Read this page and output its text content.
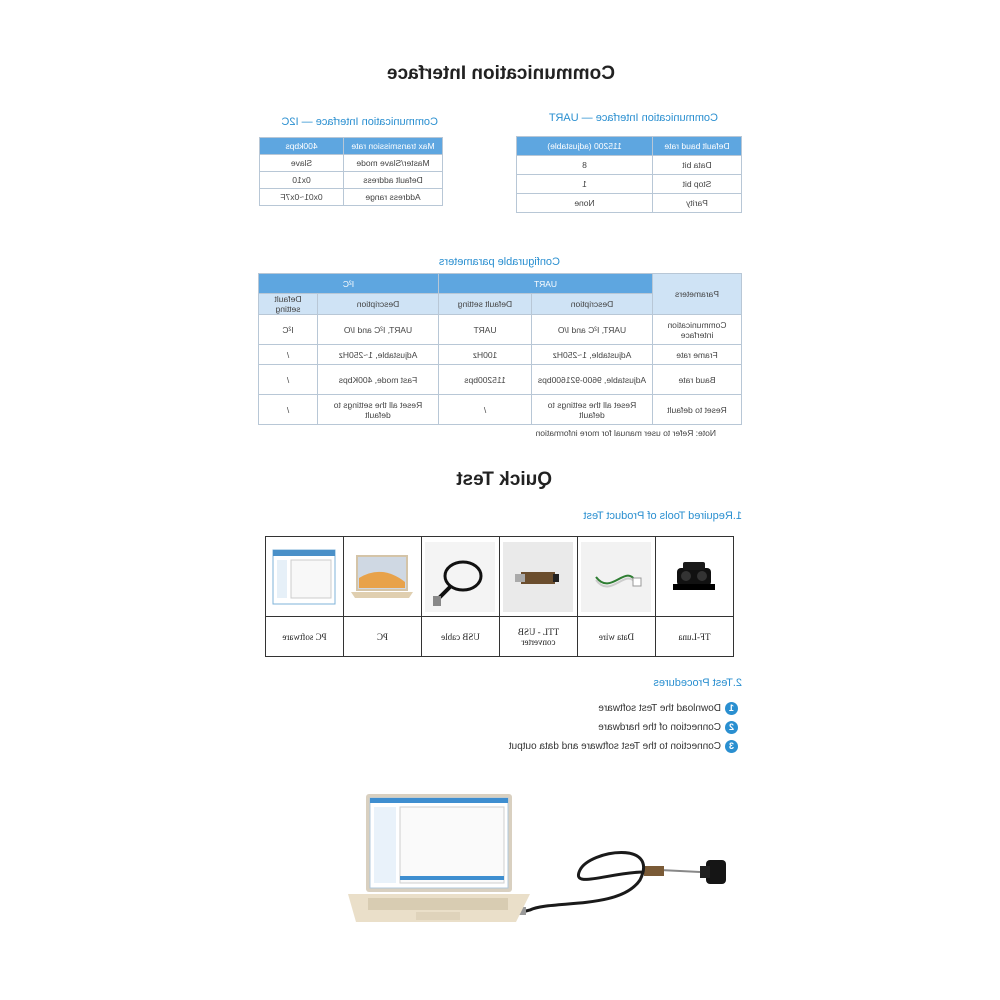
Communication Interface
Communication Interface — UART
Default baud rate	115200 (adjustable)
Data bit	8
Stop bit	1
Parity	None
Communication Interface — I2C
Max transmission rate	400kbps
Master/Slave mode	Slave
Default address	0x10
Address range	0x01~0x7F
Configurable parameters
Parameters	UART		I²C	
	Description	Default setting	Description	Default setting
Communication interface	UART, I²C and I/O	UART	UART, I²C and I/O	I²C
Frame rate	Adjustable, 1~250Hz	100Hz	Adjustable, 1~250Hz	/
Baud rate	Adjustable, 9600-921600bps	115200bps	Fast mode, 400Kbps	/
Reset to default	Reset all the settings to default	/	Reset all the settings to default	/
Note: Refer to user manual for more information
Quick Test
1.Required Tools of Product Test

TF-Luna	Data wire	TTL - USB converter	USB cable	PC	PC software
2.Test Procedures
1
Download the Test software
2
Connection of the hardware
3
Connection to the Test software and data output
